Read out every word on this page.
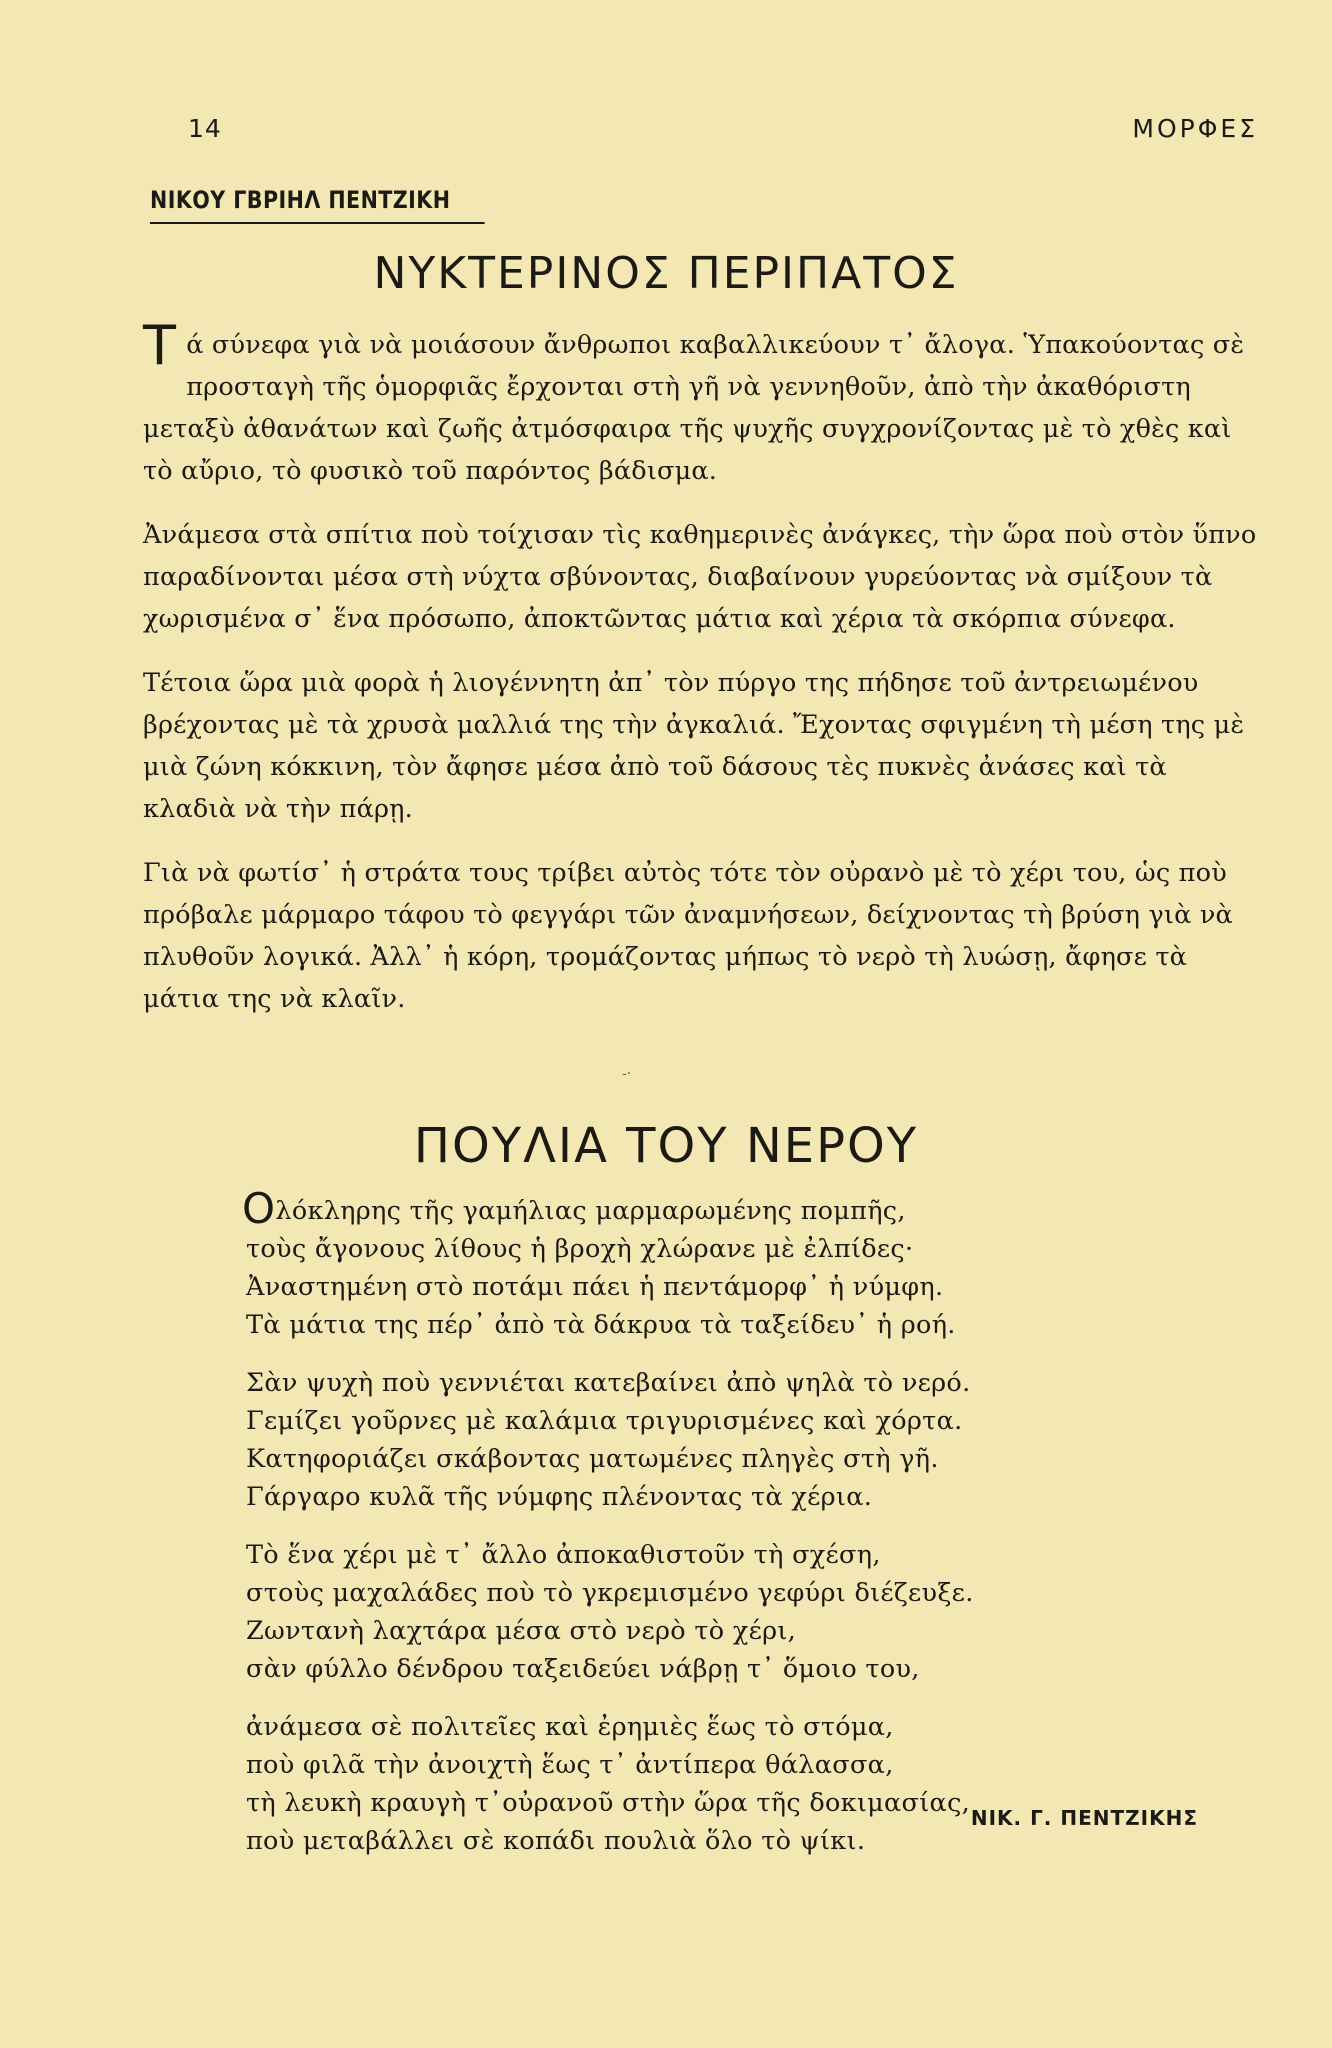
14	ΜΟΡΦΕΣ
ΝΙΚΟΥ ΓΒΡΙΗΛ ΠΕΝΤΖΙΚΗ
ΝΥΚΤΕΡΙΝΟΣ ΠΕΡΙΠΑΤΟΣ

Τά σύνεφα γιὰ νὰ μοιάσουν ἄνθρωποι καβαλλικεύουν τ᾽ ἄλογα. Ὑπακούοντας σὲ προσταγὴ τῆς ὁμορφιᾶς ἔρχονται στὴ γῆ νὰ γεννηθοῦν, ἀπὸ τὴν ἀκαθόριστη μεταξὺ ἀθανάτων καὶ ζωῆς ἀτμόσφαιρα τῆς ψυχῆς συγχρονίζοντας μὲ τὸ χθὲς καὶ τὸ αὔριο, τὸ φυσικὸ τοῦ παρόντος βάδισμα.

Ἀνάμεσα στὰ σπίτια ποὺ τοίχισαν τὶς καθημερινὲς ἀνάγκες, τὴν ὥρα ποὺ στὸν ὕπνο παραδίνονται μέσα στὴ νύχτα σβύνοντας, διαβαίνουν γυρεύοντας νὰ σμίξουν τὰ χωρισμένα σ᾽ ἕνα πρόσωπο, ἀποκτῶντας μάτια καὶ χέρια τὰ σκόρπια σύνεφα.

Τέτοια ὥρα μιὰ φορὰ ἡ λιογέννητη ἀπ᾽ τὸν πύργο της πήδησε τοῦ ἀντρειωμένου βρέχοντας μὲ τὰ χρυσὰ μαλλιά της τὴν ἀγκαλιά. Ἔχοντας σφιγμένη τὴ μέση της μὲ μιὰ ζώνη κόκκινη, τὸν ἄφησε μέσα ἀπὸ τοῦ δάσους τὲς πυκνὲς ἀνάσες καὶ τὰ κλαδιὰ νὰ τὴν πάρῃ.

Γιὰ νὰ φωτίσ᾽ ἡ στράτα τους τρίβει αὐτὸς τότε τὸν οὐρανὸ μὲ τὸ χέρι του, ὡς ποὺ πρόβαλε μάρμαρο τάφου τὸ φεγγάρι τῶν ἀναμνήσεων, δείχνοντας τὴ βρύση γιὰ νὰ πλυθοῦν λογικά. Ἀλλ᾽ ἡ κόρη, τρομάζοντας μήπως τὸ νερὸ τὴ λυώσῃ, ἄφησε τὰ μάτια της νὰ κλαῖν.

-·
ΠΟΥΛΙΑ ΤΟΥ ΝΕΡΟΥ
Ολόκληρης τῆς γαμήλιας μαρμαρωμένης πομπῆς,
τοὺς ἄγονους λίθους ἡ βροχὴ χλώρανε μὲ ἐλπίδες·
Ἀναστημένη στὸ ποτάμι πάει ἡ πεντάμορφ᾽ ἡ νύμφη.
Τὰ μάτια της πέρ᾽ ἀπὸ τὰ δάκρυα τὰ ταξείδευ᾽ ἡ ροή.
Σὰν ψυχὴ ποὺ γεννιέται κατεβαίνει ἀπὸ ψηλὰ τὸ νερό.
Γεμίζει γοῦρνες μὲ καλάμια τριγυρισμένες καὶ χόρτα.
Κατηφοριάζει σκάβοντας ματωμένες πληγὲς στὴ γῆ.
Γάργαρο κυλᾶ τῆς νύμφης πλένοντας τὰ χέρια.
Τὸ ἕνα χέρι μὲ τ᾽ ἄλλο ἀποκαθιστοῦν τὴ σχέση,
στοὺς μαχαλάδες ποὺ τὸ γκρεμισμένο γεφύρι διέζευξε.
Ζωντανὴ λαχτάρα μέσα στὸ νερὸ τὸ χέρι,
σὰν φύλλο δένδρου ταξειδεύει νάβρῃ τ᾽ ὅμοιο του,
ἀνάμεσα σὲ πολιτεῖες καὶ ἐρημιὲς ἕως τὸ στόμα,
ποὺ φιλᾶ τὴν ἀνοιχτὴ ἕως τ᾽ ἀντίπερα θάλασσα,
τὴ λευκὴ κραυγὴ τ᾽οὐρανοῦ στὴν ὥρα τῆς δοκιμασίας,
ποὺ μεταβάλλει σὲ κοπάδι πουλιὰ ὅλο τὸ ψίκι.
ΝΙΚ. Γ. ΠΕΝΤΖΙΚΗΣ
